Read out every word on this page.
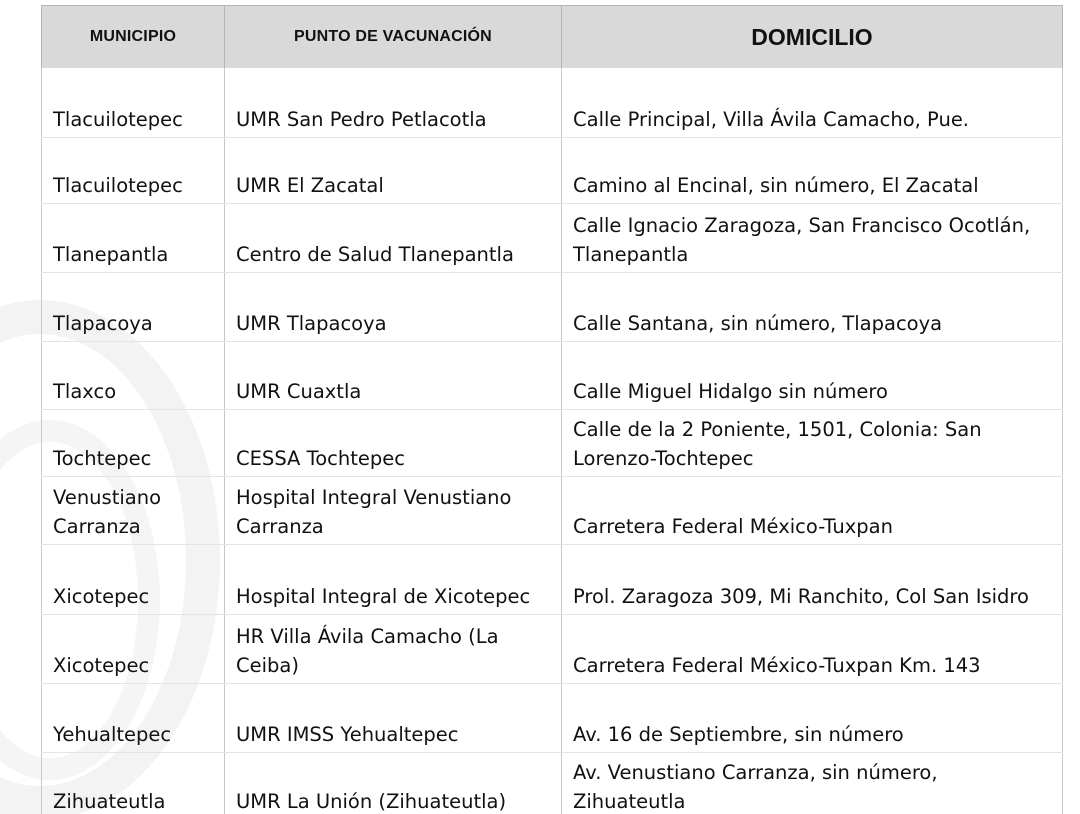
MUNICIPIO	PUNTO DE VACUNACIÓN	DOMICILIO
Tlacuilotepec	UMR San Pedro Petlacotla	Calle Principal, Villa Ávila Camacho, Pue.
Tlacuilotepec	UMR El Zacatal	Camino al Encinal, sin número, El Zacatal
Tlanepantla	Centro de Salud Tlanepantla	Calle Ignacio Zaragoza, San Francisco Ocotlán, Tlanepantla
Tlapacoya	UMR Tlapacoya	Calle Santana, sin número, Tlapacoya
Tlaxco	UMR Cuaxtla	Calle Miguel Hidalgo sin número
Tochtepec	CESSA Tochtepec	Calle de la 2 Poniente, 1501, Colonia: San Lorenzo-Tochtepec
Venustiano Carranza	Hospital Integral Venustiano Carranza	Carretera Federal México-Tuxpan
Xicotepec	Hospital Integral de Xicotepec	Prol. Zaragoza 309, Mi Ranchito, Col San Isidro
Xicotepec	HR Villa Ávila Camacho (La Ceiba)	Carretera Federal México-Tuxpan Km. 143
Yehualtepec	UMR IMSS Yehualtepec	Av. 16 de Septiembre, sin número
Zihuateutla	UMR La Unión (Zihuateutla)	Av. Venustiano Carranza, sin número, Zihuateutla
